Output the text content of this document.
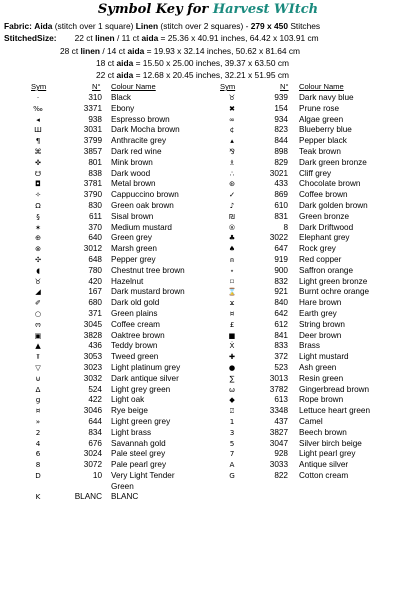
Symbol Key for Harvest WItch
Fabric: Aida (stitch over 1 square) Linen (stitch over 2 squares) - 279 x 450 Stitches
StitchedSize: 22 ct linen / 11 ct aida = 25.36 x 40.91 inches, 64.42 x 103.91 cm
28 ct linen / 14 ct aida = 19.93 x 32.14 inches, 50.62 x 81.64 cm
18 ct aida = 15.50 x 25.00 inches, 39.37 x 63.50 cm
22 ct aida = 12.68 x 20.45 inches, 32.21 x 51.95 cm
Sym	N° Colour Name	Sym	N° Colour Name
·	310 Black	♉	939 Dark navy blue
‰	3371 Ebony	✖	154 Prune rose
◂	938 Espresso brown	∞	934 Algae green
Ш	3031 Dark Mocha brown	¢	823 Blueberry blue
¶	3799 Anthracite grey	▴	844 Pepper black
⌘	3857 Dark red wine	⅋	898 Teak brown
✜	801 Mink brown	♗	829 Dark green bronze
☋	838 Dark wood	∴	3021 Cliff grey
◘	3781 Metal brown	⊛	433 Chocolate brown
✧	3790 Cappuccino brown	✓	869 Coffee brown
Ω	830 Green oak brown	♪	610 Dark golden brown
§	611 Sisal brown	₪	831 Green bronze
✶	370 Medium mustard	®	8 Dark Driftwood
⊕	640 Green grey	♣	3022 Elephant grey
⊗	3012 Marsh green	♠	647 Rock grey
✣	648 Pepper grey	⍝	919 Red copper
◖	780 Chestnut tree brown	⋆	900 Saffron orange
♉	420 Hazelnut	⌑	832 Light green bronze
◢	167 Dark mustard brown	⌛	921 Burnt ochre orange
✐	680 Dark old gold	ϫ	840 Hare brown
○	371 Green plains	¤	642 Earth grey
ო	3045 Coffee cream	£	612 String brown
▣	3828 Oaktree brown	■	841 Deer brown
▲	436 Teddy brown	Ẋ	833 Brass
⫪	3053 Tweed green	✚	372 Light mustard
▽	3023 Light platinum grey	●	523 Ash green
⊍	3032 Dark antique silver	∑	3013 Resin green
Δ	524 Light grey green	ω	3782 Gingerbread brown
g	422 Light oak	◆	613 Rope brown
¤	3046 Rye beige	⍁	3348 Lettuce heart green
»	644 Light green grey	1	437 Camel
2	834 Light brass	3	3827 Beech brown
4	676 Savannah gold	5	3047 Silver birch beige
6	3024 Pale steel grey	7	928 Light pearl grey
8	3072 Pale pearl grey	A	3033 Antique silver
D	10 Very Light Tender	G	822 Cotton cream
Green
K	BLANC BLANC
